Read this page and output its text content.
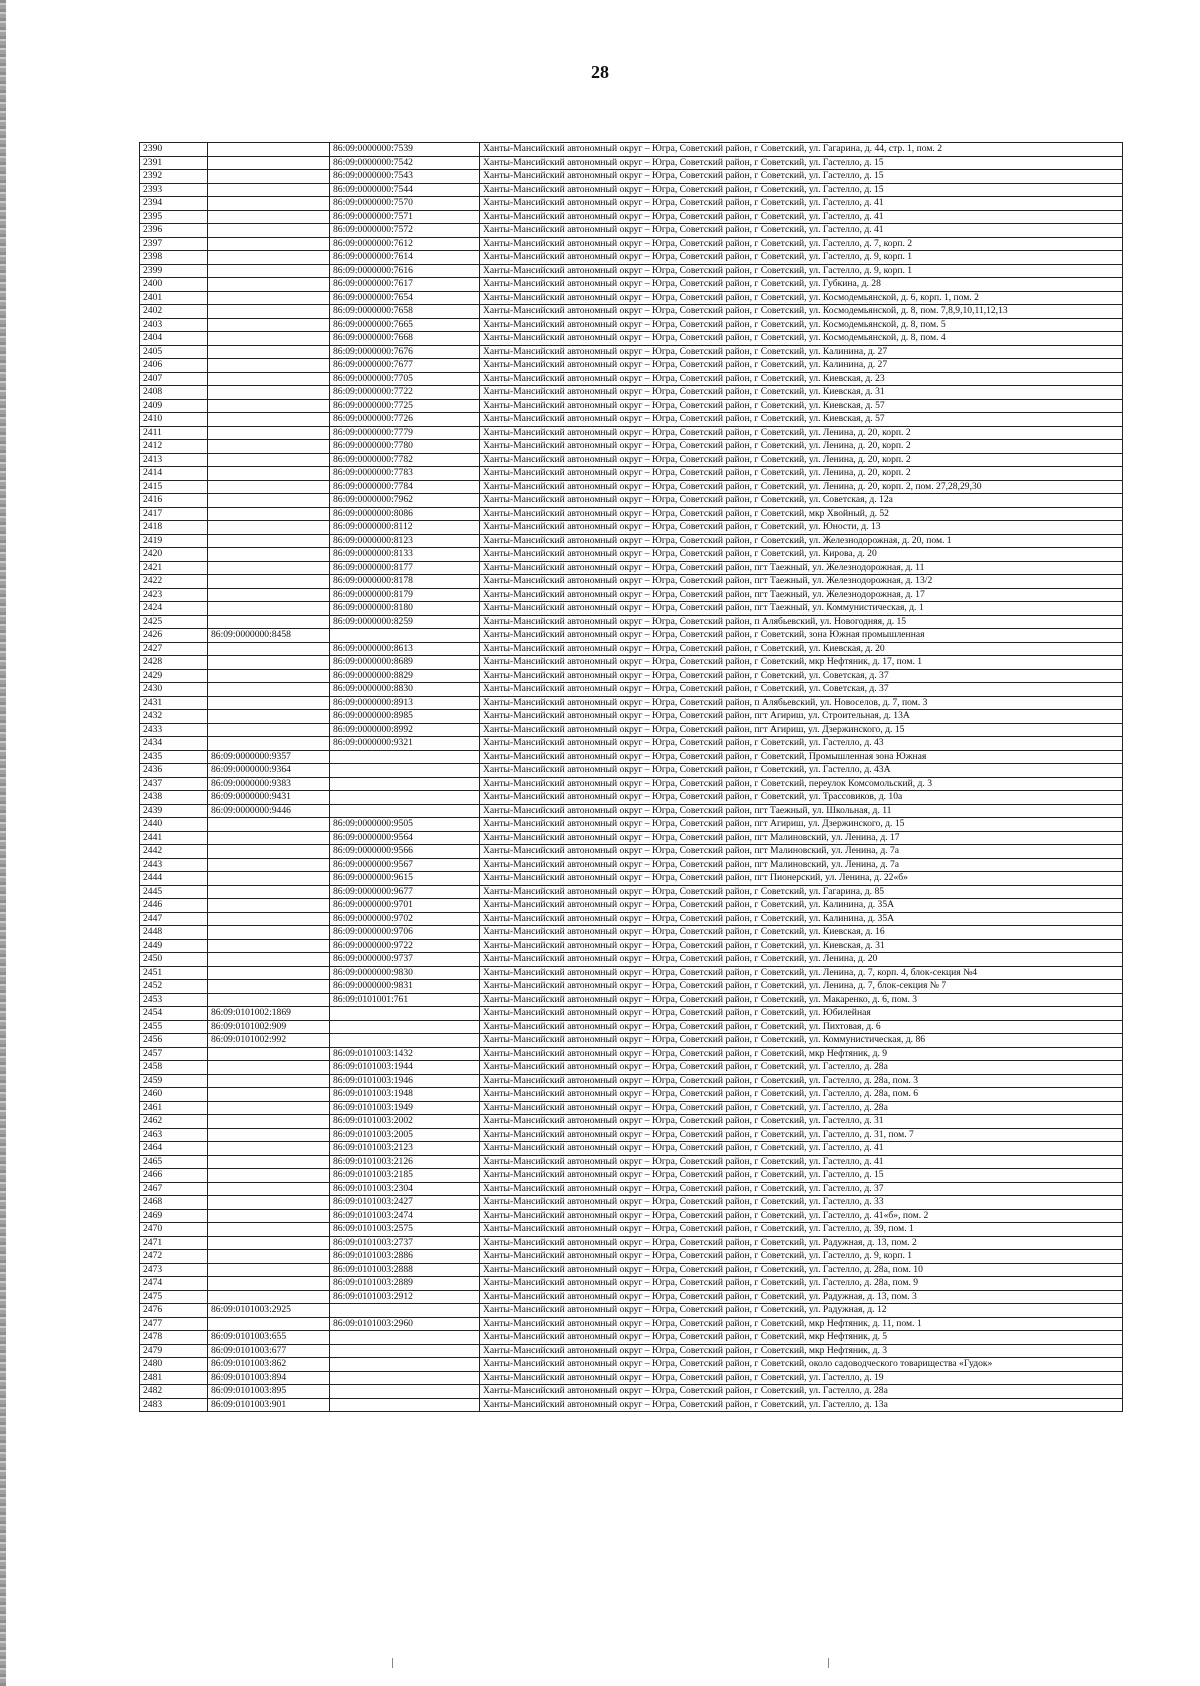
28
2390		86:09:0000000:7539	Ханты-Мансийский автономный округ – Югра, Советский район, г Советский, ул. Гагарина, д. 44, стр. 1, пом. 2
2391		86:09:0000000:7542	Ханты-Мансийский автономный округ – Югра, Советский район, г Советский, ул. Гастелло, д. 15
2392		86:09:0000000:7543	Ханты-Мансийский автономный округ – Югра, Советский район, г Советский, ул. Гастелло, д. 15
2393		86:09:0000000:7544	Ханты-Мансийский автономный округ – Югра, Советский район, г Советский, ул. Гастелло, д. 15
2394		86:09:0000000:7570	Ханты-Мансийский автономный округ – Югра, Советский район, г Советский, ул. Гастелло, д. 41
2395		86:09:0000000:7571	Ханты-Мансийский автономный округ – Югра, Советский район, г Советский, ул. Гастелло, д. 41
2396		86:09:0000000:7572	Ханты-Мансийский автономный округ – Югра, Советский район, г Советский, ул. Гастелло, д. 41
2397		86:09:0000000:7612	Ханты-Мансийский автономный округ – Югра, Советский район, г Советский, ул. Гастелло, д. 7, корп. 2
2398		86:09:0000000:7614	Ханты-Мансийский автономный округ – Югра, Советский район, г Советский, ул. Гастелло, д. 9, корп. 1
2399		86:09:0000000:7616	Ханты-Мансийский автономный округ – Югра, Советский район, г Советский, ул. Гастелло, д. 9, корп. 1
2400		86:09:0000000:7617	Ханты-Мансийский автономный округ – Югра, Советский район, г Советский, ул. Губкина, д. 28
2401		86:09:0000000:7654	Ханты-Мансийский автономный округ – Югра, Советский район, г Советский, ул. Космодемьянской, д. 6, корп. 1, пом. 2
2402		86:09:0000000:7658	Ханты-Мансийский автономный округ – Югра, Советский район, г Советский, ул. Космодемьянской, д. 8, пом. 7,8,9,10,11,12,13
2403		86:09:0000000:7665	Ханты-Мансийский автономный округ – Югра, Советский район, г Советский, ул. Космодемьянской, д. 8, пом. 5
2404		86:09:0000000:7668	Ханты-Мансийский автономный округ – Югра, Советский район, г Советский, ул. Космодемьянской, д. 8, пом. 4
2405		86:09:0000000:7676	Ханты-Мансийский автономный округ – Югра, Советский район, г Советский, ул. Калинина, д. 27
2406		86:09:0000000:7677	Ханты-Мансийский автономный округ – Югра, Советский район, г Советский, ул. Калинина, д. 27
2407		86:09:0000000:7705	Ханты-Мансийский автономный округ – Югра, Советский район, г Советский, ул. Киевская, д. 23
2408		86:09:0000000:7722	Ханты-Мансийский автономный округ – Югра, Советский район, г Советский, ул. Киевская, д. 31
2409		86:09:0000000:7725	Ханты-Мансийский автономный округ – Югра, Советский район, г Советский, ул. Киевская, д. 57
2410		86:09:0000000:7726	Ханты-Мансийский автономный округ – Югра, Советский район, г Советский, ул. Киевская, д. 57
2411		86:09:0000000:7779	Ханты-Мансийский автономный округ – Югра, Советский район, г Советский, ул. Ленина, д. 20, корп. 2
2412		86:09:0000000:7780	Ханты-Мансийский автономный округ – Югра, Советский район, г Советский, ул. Ленина, д. 20, корп. 2
2413		86:09:0000000:7782	Ханты-Мансийский автономный округ – Югра, Советский район, г Советский, ул. Ленина, д. 20, корп. 2
2414		86:09:0000000:7783	Ханты-Мансийский автономный округ – Югра, Советский район, г Советский, ул. Ленина, д. 20, корп. 2
2415		86:09:0000000:7784	Ханты-Мансийский автономный округ – Югра, Советский район, г Советский, ул. Ленина, д. 20, корп. 2, пом. 27,28,29,30
2416		86:09:0000000:7962	Ханты-Мансийский автономный округ – Югра, Советский район, г Советский, ул. Советская, д. 12а
2417		86:09:0000000:8086	Ханты-Мансийский автономный округ – Югра, Советский район, г Советский, мкр Хвойный, д. 52
2418		86:09:0000000:8112	Ханты-Мансийский автономный округ – Югра, Советский район, г Советский, ул. Юности, д. 13
2419		86:09:0000000:8123	Ханты-Мансийский автономный округ – Югра, Советский район, г Советский, ул. Железнодорожная, д. 20, пом. 1
2420		86:09:0000000:8133	Ханты-Мансийский автономный округ – Югра, Советский район, г Советский, ул. Кирова, д. 20
2421		86:09:0000000:8177	Ханты-Мансийский автономный округ – Югра, Советский район, пгт Таежный, ул. Железнодорожная, д. 11
2422		86:09:0000000:8178	Ханты-Мансийский автономный округ – Югра, Советский район, пгт Таежный, ул. Железнодорожная, д. 13/2
2423		86:09:0000000:8179	Ханты-Мансийский автономный округ – Югра, Советский район, пгт Таежный, ул. Железнодорожная, д. 17
2424		86:09:0000000:8180	Ханты-Мансийский автономный округ – Югра, Советский район, пгт Таежный, ул. Коммунистическая, д. 1
2425		86:09:0000000:8259	Ханты-Мансийский автономный округ – Югра, Советский район, п Алябьевский, ул. Новогодняя, д. 15
2426	86:09:0000000:8458		Ханты-Мансийский автономный округ – Югра, Советский район, г Советский, зона Южная промышленная
2427		86:09:0000000:8613	Ханты-Мансийский автономный округ – Югра, Советский район, г Советский, ул. Киевская, д. 20
2428		86:09:0000000:8689	Ханты-Мансийский автономный округ – Югра, Советский район, г Советский, мкр Нефтяник, д. 17, пом. 1
2429		86:09:0000000:8829	Ханты-Мансийский автономный округ – Югра, Советский район, г Советский, ул. Советская, д. 37
2430		86:09:0000000:8830	Ханты-Мансийский автономный округ – Югра, Советский район, г Советский, ул. Советская, д. 37
2431		86:09:0000000:8913	Ханты-Мансийский автономный округ – Югра, Советский район, п Алябьевский, ул. Новоселов, д. 7, пом. 3
2432		86:09:0000000:8985	Ханты-Мансийский автономный округ – Югра, Советский район, пгт Агириш, ул. Строительная, д. 13А
2433		86:09:0000000:8992	Ханты-Мансийский автономный округ – Югра, Советский район, пгт Агириш, ул. Дзержинского, д. 15
2434		86:09:0000000:9321	Ханты-Мансийский автономный округ – Югра, Советский район, г Советский, ул. Гастелло, д. 43
2435	86:09:0000000:9357		Ханты-Мансийский автономный округ – Югра, Советский район, г Советский, Промышленная зона Южная
2436	86:09:0000000:9364		Ханты-Мансийский автономный округ – Югра, Советский район, г Советский, ул. Гастелло, д. 43А
2437	86:09:0000000:9383		Ханты-Мансийский автономный округ – Югра, Советский район, г Советский, переулок Комсомольский, д. 3
2438	86:09:0000000:9431		Ханты-Мансийский автономный округ – Югра, Советский район, г Советский, ул. Трассовиков, д. 10а
2439	86:09:0000000:9446		Ханты-Мансийский автономный округ – Югра, Советский район, пгт Таежный, ул. Школьная, д. 11
2440		86:09:0000000:9505	Ханты-Мансийский автономный округ – Югра, Советский район, пгт Агириш, ул. Дзержинского, д. 15
2441		86:09:0000000:9564	Ханты-Мансийский автономный округ – Югра, Советский район, пгт Малиновский, ул. Ленина, д. 17
2442		86:09:0000000:9566	Ханты-Мансийский автономный округ – Югра, Советский район, пгт Малиновский, ул. Ленина, д. 7а
2443		86:09:0000000:9567	Ханты-Мансийский автономный округ – Югра, Советский район, пгт Малиновский, ул. Ленина, д. 7а
2444		86:09:0000000:9615	Ханты-Мансийский автономный округ – Югра, Советский район, пгт Пионерский, ул. Ленина, д. 22«б»
2445		86:09:0000000:9677	Ханты-Мансийский автономный округ – Югра, Советский район, г Советский, ул. Гагарина, д. 85
2446		86:09:0000000:9701	Ханты-Мансийский автономный округ – Югра, Советский район, г Советский, ул. Калинина, д. 35А
2447		86:09:0000000:9702	Ханты-Мансийский автономный округ – Югра, Советский район, г Советский, ул. Калинина, д. 35А
2448		86:09:0000000:9706	Ханты-Мансийский автономный округ – Югра, Советский район, г Советский, ул. Киевская, д. 16
2449		86:09:0000000:9722	Ханты-Мансийский автономный округ – Югра, Советский район, г Советский, ул. Киевская, д. 31
2450		86:09:0000000:9737	Ханты-Мансийский автономный округ – Югра, Советский район, г Советский, ул. Ленина, д. 20
2451		86:09:0000000:9830	Ханты-Мансийский автономный округ – Югра, Советский район, г Советский, ул. Ленина, д. 7, корп. 4, блок-секция №4
2452		86:09:0000000:9831	Ханты-Мансийский автономный округ – Югра, Советский район, г Советский, ул. Ленина, д. 7, блок-секция № 7
2453		86:09:0101001:761	Ханты-Мансийский автономный округ – Югра, Советский район, г Советский, ул. Макаренко, д. 6, пом. 3
2454	86:09:0101002:1869		Ханты-Мансийский автономный округ – Югра, Советский район, г Советский, ул. Юбилейная
2455	86:09:0101002:909		Ханты-Мансийский автономный округ – Югра, Советский район, г Советский, ул. Пихтовая, д. 6
2456	86:09:0101002:992		Ханты-Мансийский автономный округ – Югра, Советский район, г Советский, ул. Коммунистическая, д. 86
2457		86:09:0101003:1432	Ханты-Мансийский автономный округ – Югра, Советский район, г Советский, мкр Нефтяник, д. 9
2458		86:09:0101003:1944	Ханты-Мансийский автономный округ – Югра, Советский район, г Советский, ул. Гастелло, д. 28а
2459		86:09:0101003:1946	Ханты-Мансийский автономный округ – Югра, Советский район, г Советский, ул. Гастелло, д. 28а, пом. 3
2460		86:09:0101003:1948	Ханты-Мансийский автономный округ – Югра, Советский район, г Советский, ул. Гастелло, д. 28а, пом. 6
2461		86:09:0101003:1949	Ханты-Мансийский автономный округ – Югра, Советский район, г Советский, ул. Гастелло, д. 28а
2462		86:09:0101003:2002	Ханты-Мансийский автономный округ – Югра, Советский район, г Советский, ул. Гастелло, д. 31
2463		86:09:0101003:2005	Ханты-Мансийский автономный округ – Югра, Советский район, г Советский, ул. Гастелло, д. 31, пом. 7
2464		86:09:0101003:2123	Ханты-Мансийский автономный округ – Югра, Советский район, г Советский, ул. Гастелло, д. 41
2465		86:09:0101003:2126	Ханты-Мансийский автономный округ – Югра, Советский район, г Советский, ул. Гастелло, д. 41
2466		86:09:0101003:2185	Ханты-Мансийский автономный округ – Югра, Советский район, г Советский, ул. Гастелло, д. 15
2467		86:09:0101003:2304	Ханты-Мансийский автономный округ – Югра, Советский район, г Советский, ул. Гастелло, д. 37
2468		86:09:0101003:2427	Ханты-Мансийский автономный округ – Югра, Советский район, г Советский, ул. Гастелло, д. 33
2469		86:09:0101003:2474	Ханты-Мансийский автономный округ – Югра, Советский район, г Советский, ул. Гастелло, д. 41«б», пом. 2
2470		86:09:0101003:2575	Ханты-Мансийский автономный округ – Югра, Советский район, г Советский, ул. Гастелло, д. 39, пом. 1
2471		86:09:0101003:2737	Ханты-Мансийский автономный округ – Югра, Советский район, г Советский, ул. Радужная, д. 13, пом. 2
2472		86:09:0101003:2886	Ханты-Мансийский автономный округ – Югра, Советский район, г Советский, ул. Гастелло, д. 9, корп. 1
2473		86:09:0101003:2888	Ханты-Мансийский автономный округ – Югра, Советский район, г Советский, ул. Гастелло, д. 28а, пом. 10
2474		86:09:0101003:2889	Ханты-Мансийский автономный округ – Югра, Советский район, г Советский, ул. Гастелло, д. 28а, пом. 9
2475		86:09:0101003:2912	Ханты-Мансийский автономный округ – Югра, Советский район, г Советский, ул. Радужная, д. 13, пом. 3
2476	86:09:0101003:2925		Ханты-Мансийский автономный округ – Югра, Советский район, г Советский, ул. Радужная, д. 12
2477		86:09:0101003:2960	Ханты-Мансийский автономный округ – Югра, Советский район, г Советский, мкр Нефтяник, д. 11, пом. 1
2478	86:09:0101003:655		Ханты-Мансийский автономный округ – Югра, Советский район, г Советский, мкр Нефтяник, д. 5
2479	86:09:0101003:677		Ханты-Мансийский автономный округ – Югра, Советский район, г Советский, мкр Нефтяник, д. 3
2480	86:09:0101003:862		Ханты-Мансийский автономный округ – Югра, Советский район, г Советский, около садоводческого товарищества «Гудок»
2481	86:09:0101003:894		Ханты-Мансийский автономный округ – Югра, Советский район, г Советский, ул. Гастелло, д. 19
2482	86:09:0101003:895		Ханты-Мансийский автономный округ – Югра, Советский район, г Советский, ул. Гастелло, д. 28а
2483	86:09:0101003:901		Ханты-Мансийский автономный округ – Югра, Советский район, г Советский, ул. Гастелло, д. 13а
